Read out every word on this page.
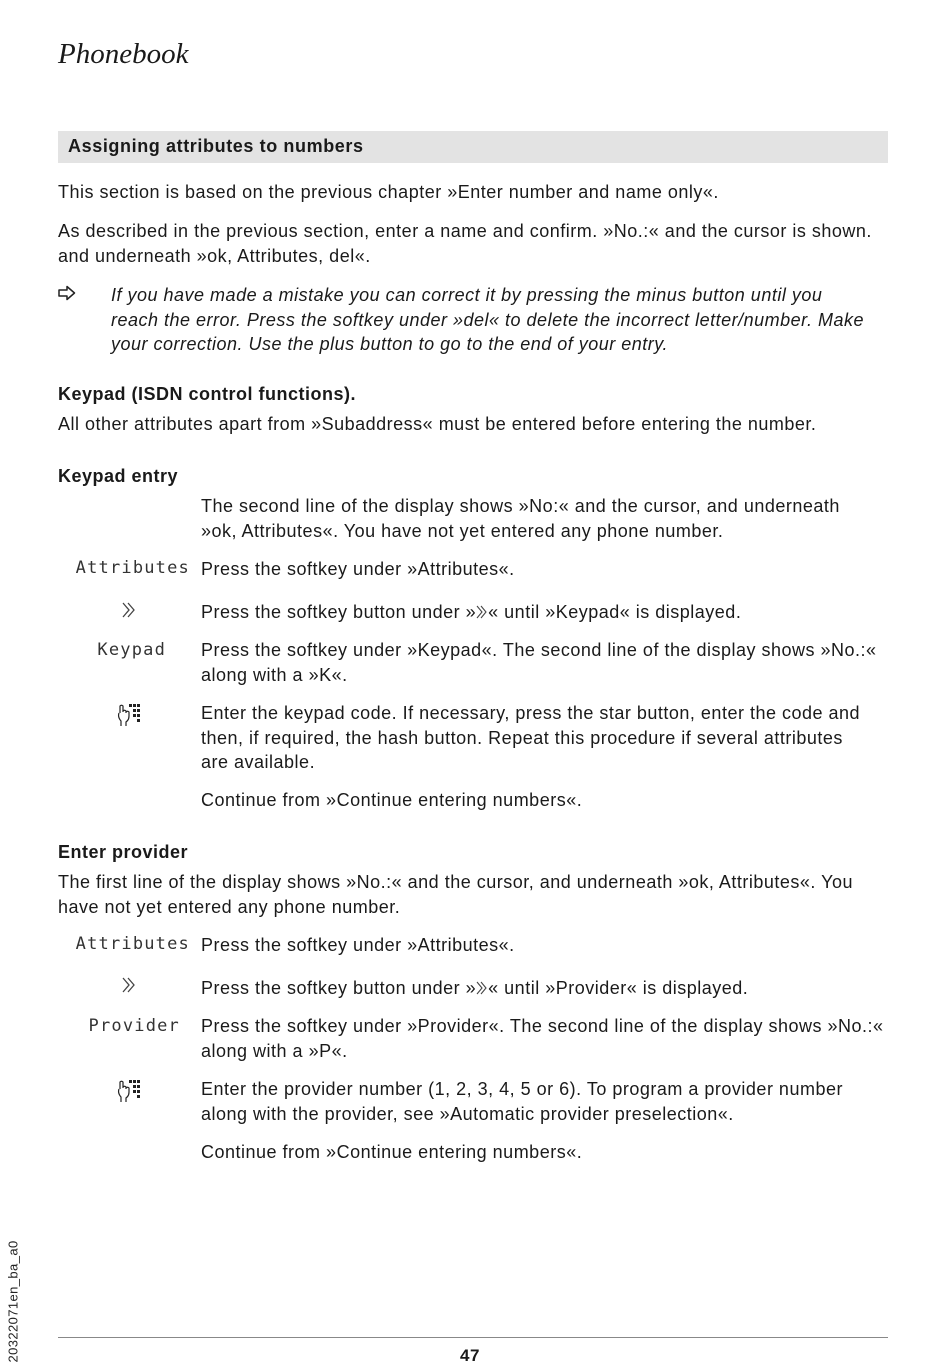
Phonebook
Assigning attributes to numbers
This section is based on the previous chapter »Enter number and name only«.
As described in the previous section, enter a name and confirm. »No.:« and the cursor is shown.
and underneath »ok, Attributes, del«.
If you have made a mistake you can correct it by pressing the minus button until you
reach the error. Press the softkey under »del« to delete the incorrect letter/number. Make
your correction. Use the plus button to go to the end of your entry.
Keypad (ISDN control functions).
All other attributes apart from »Subaddress« must be entered before entering the number.
Keypad entry
The second line of the display shows »No:« and the cursor, and underneath
»ok, Attributes«. You have not yet entered any phone number.
Attributes Press the softkey under »Attributes«.
Press the softkey button under » « until »Keypad« is displayed.
Keypad Press the softkey under »Keypad«. The second line of the display shows »No.:«
along with a »K«.
Enter the keypad code. If necessary, press the star button, enter the code and
then, if required, the hash button. Repeat this procedure if several attributes
are available.
Continue from »Continue entering numbers«.
Enter provider
The first line of the display shows »No.:« and the cursor, and underneath »ok, Attributes«. You
have not yet entered any phone number.
Attributes Press the softkey under »Attributes«.
Press the softkey button under » « until »Provider« is displayed.
Provider Press the softkey under »Provider«. The second line of the display shows »No.:«
along with a »P«.
Enter the provider number (1, 2, 3, 4, 5 or 6). To program a provider number
along with the provider, see »Automatic provider preselection«.
Continue from »Continue entering numbers«.
20322071en_ba_a0	47
